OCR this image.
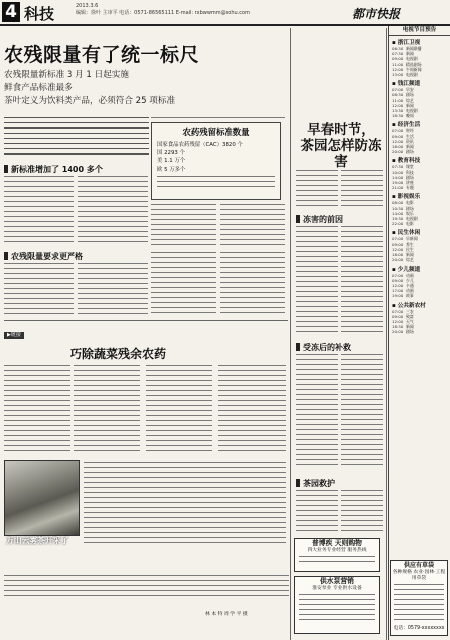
4 科技	2013.3.6
编辑：徐叶 主审平 电话：0571-86565111 E-mail: rxbwwmm@sohu.com	都市快报
农残限量有了统一标尺
农残限量新标准 3 月 1 日起实施
鲜食产品标准最多
茶叶定义为饮料类产品，必须符合 25 项标准
新标准增加了 1400 多个
农药残留标准数量
国家食品农药残留（CAC）3820 个
国 2293 个
美 1.1 万个
欧 5 万多个
农残限量要求更严格
▶链接
巧除蔬菜残余农药
万山云雾茶开采了
林 本 特 周 学 平 摄
早春时节，
茶园怎样防冻害
冻害的前因
受冻后的补救
茶园救护
普博疾 天则购物
四大业务专业经营 服务热线
供水泵营销
淮安泵业 专业供水设备
电视节目预告
▪ 浙江卫视
06:30 新闻联播
07:30 新闻
09:00 电视剧
11:00 精选剧场
12:00 午间新闻
13:00 电视剧
▪ 钱江频道
07:00 早安
08:30 剧场
11:00 综艺
12:00 新闻
13:30 电视剧
18:30 晚间
▪ 经济生活
07:00 财经
09:00 生活
12:00 资讯
18:00 新闻
20:00 剧场
▪ 教育科技
07:30 课堂
10:00 科技
14:00 剧场
19:00 讲座
21:00 专题
▪ 影视娱乐
08:00 电影
10:30 剧场
14:00 娱乐
19:30 电视剧
22:00 电影
▪ 民生休闲
07:00 早新闻
09:00 养生
12:00 民生
18:00 新闻
20:00 综艺
▪ 少儿频道
07:00 动画
09:00 少儿
12:00 卡通
17:00 动画
19:00 故事
▪ 公共新农村
07:00 三农
09:00 致富
12:00 天气
18:30 新闻
20:00 剧场
供应有草袋
各种规格 农业·园林·工程用草袋
电话：0579-xxxxxxxx
